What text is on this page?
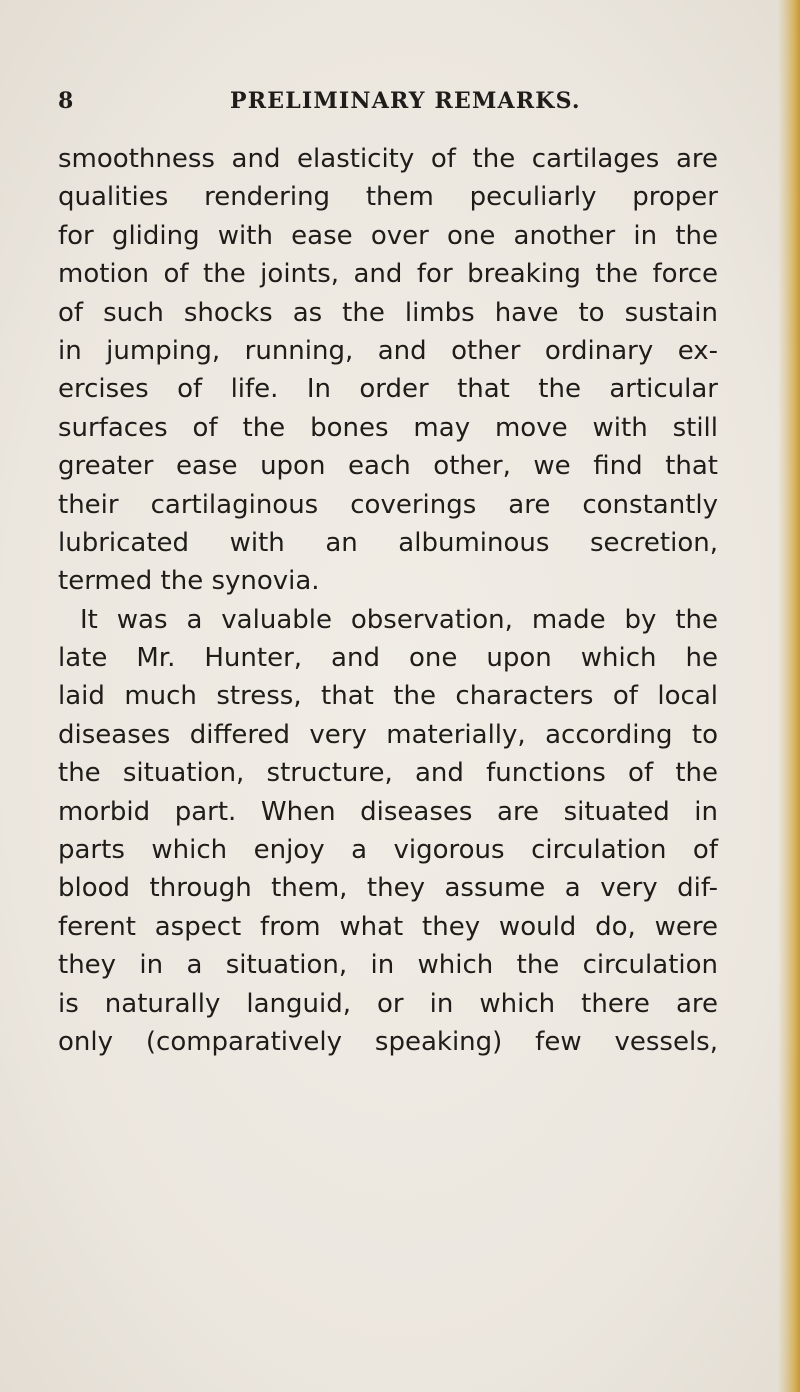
8	PRELIMINARY REMARKS.
smoothness and elasticity of the cartilages are
qualities rendering them peculiarly proper
for gliding with ease over one another in the
motion of the joints, and for breaking the force
of such shocks as the limbs have to sustain
in jumping, running, and other ordinary ex-
ercises of life. In order that the articular
surfaces of the bones may move with still
greater ease upon each other, we find that
their cartilaginous coverings are constantly
lubricated with an albuminous secretion,
termed the synovia.
It was a valuable observation, made by the
late Mr. Hunter, and one upon which he
laid much stress, that the characters of local
diseases differed very materially, according to
the situation, structure, and functions of the
morbid part. When diseases are situated in
parts which enjoy a vigorous circulation of
blood through them, they assume a very dif-
ferent aspect from what they would do, were
they in a situation, in which the circulation
is naturally languid, or in which there are
only (comparatively speaking) few vessels,
